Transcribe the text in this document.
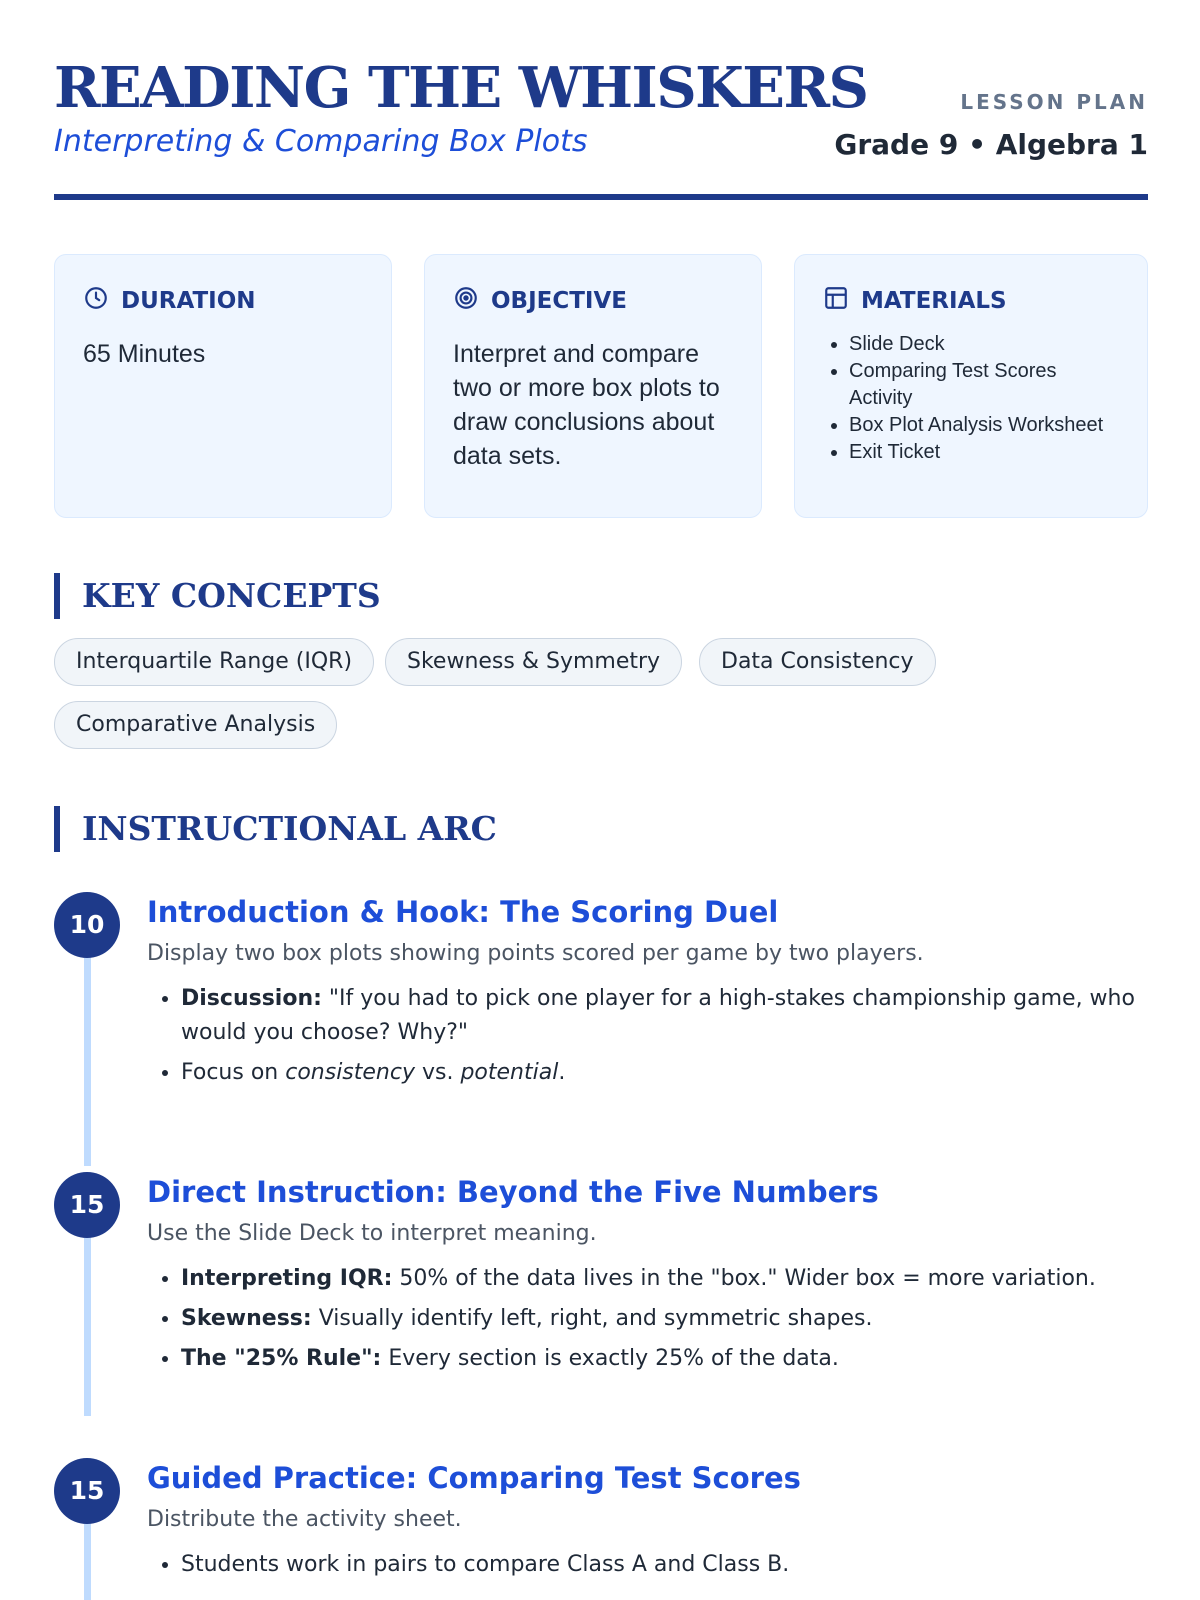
READING THE WHISKERS
Interpreting & Comparing Box Plots
LESSON PLAN
Grade 9 • Algebra 1
DURATION
65 Minutes
OBJECTIVE
Interpret and compare two or more box plots to draw conclusions about data sets.
MATERIALS
• Slide Deck
• Comparing Test Scores Activity
• Box Plot Analysis Worksheet
• Exit Ticket
KEY CONCEPTS
Interquartile Range (IQR)	Skewness & Symmetry	Data Consistency
Comparative Analysis
INSTRUCTIONAL ARC
10	Introduction & Hook: The Scoring Duel
Display two box plots showing points scored per game by two players.
• Discussion: "If you had to pick one player for a high-stakes championship game, who would you choose? Why?"
• Focus on consistency vs. potential.
15	Direct Instruction: Beyond the Five Numbers
Use the Slide Deck to interpret meaning.
• Interpreting IQR: 50% of the data lives in the "box." Wider box = more variation.
• Skewness: Visually identify left, right, and symmetric shapes.
• The "25% Rule": Every section is exactly 25% of the data.
15	Guided Practice: Comparing Test Scores
Distribute the activity sheet.
• Students work in pairs to compare Class A and Class B.
